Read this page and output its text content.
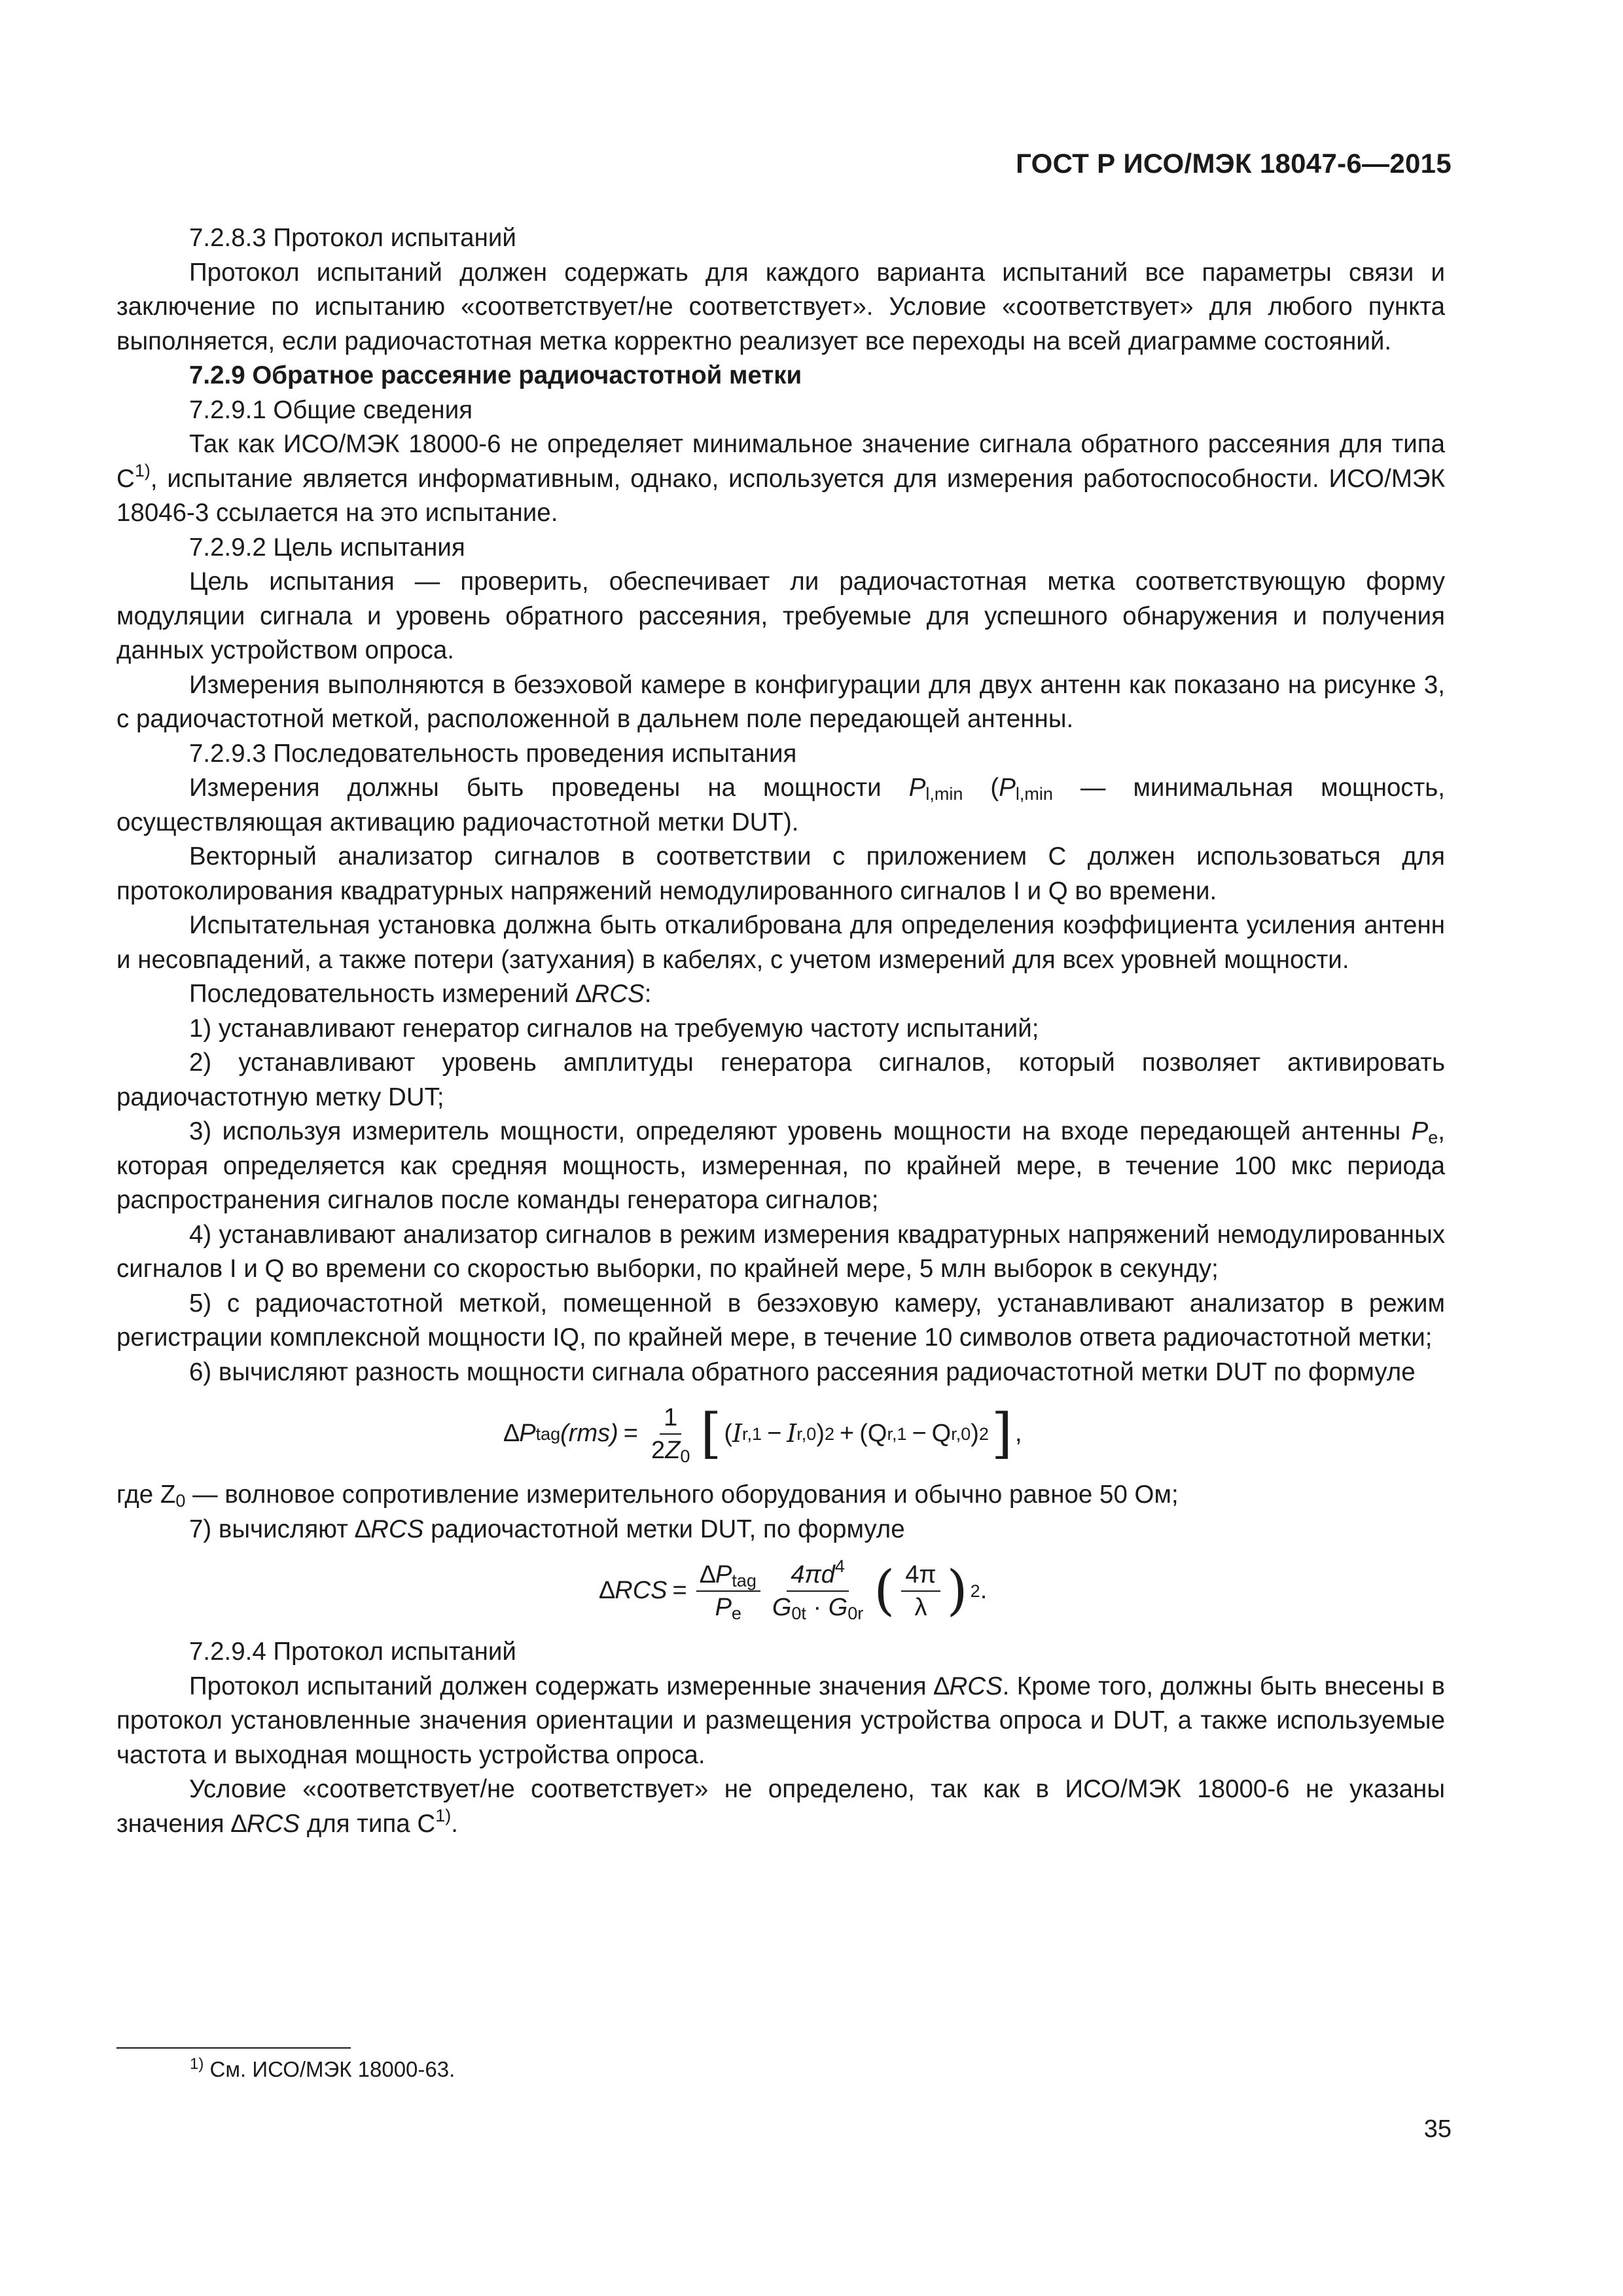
ГОСТ Р ИСО/МЭК 18047-6—2015

7.2.8.3 Протокол испытаний

Протокол испытаний должен содержать для каждого варианта испытаний все параметры связи и заключение по испытанию «соответствует/не соответствует». Условие «соответствует» для любого пункта выполняется, если радиочастотная метка корректно реализует все переходы на всей диаграмме состояний.

7.2.9 Обратное рассеяние радиочастотной метки

7.2.9.1 Общие сведения

Так как ИСО/МЭК 18000-6 не определяет минимальное значение сигнала обратного рассеяния для типа $С^{1)}$, испытание является информативным, однако, используется для измерения работоспособности. ИСО/МЭК 18046-3 ссылается на это испытание.

7.2.9.2 Цель испытания

Цель испытания — проверить, обеспечивает ли радиочастотная метка соответствующую форму модуляции сигнала и уровень обратного рассеяния, требуемые для успешного обнаружения и получения данных устройством опроса.

Измерения выполняются в безэховой камере в конфигурации для двух антенн как показано на рисунке 3, с радиочастотной меткой, расположенной в дальнем поле передающей антенны.

7.2.9.3 Последовательность проведения испытания

Измерения должны быть проведены на мощности $P_{l,min}$ ($P_{l,min}$ — минимальная мощность, осуществляющая активацию радиочастотной метки DUT).

Векторный анализатор сигналов в соответствии с приложением С должен использоваться для протоколирования квадратурных напряжений немодулированного сигналов I и Q во времени.

Испытательная установка должна быть откалибрована для определения коэффициента усиления антенн и несовпадений, а также потери (затухания) в кабелях, с учетом измерений для всех уровней мощности.

Последовательность измерений ∆RCS:

1) устанавливают генератор сигналов на требуемую частоту испытаний;

2) устанавливают уровень амплитуды генератора сигналов, который позволяет активировать радиочастотную метку DUT;

3) используя измеритель мощности, определяют уровень мощности на входе передающей антенны $P_e$, которая определяется как средняя мощность, измеренная, по крайней мере, в течение 100 мкс периода распространения сигналов после команды генератора сигналов;

4) устанавливают анализатор сигналов в режим измерения квадратурных напряжений немодулированных сигналов I и Q во времени со скоростью выборки, по крайней мере, 5 млн выборок в секунду;

5) с радиочастотной меткой, помещенной в безэховую камеру, устанавливают анализатор в режим регистрации комплексной мощности IQ, по крайней мере, в течение 10 символов ответа радиочастотной метки;

6) вычисляют разность мощности сигнала обратного рассеяния радиочастотной метки DUT по формуле

∆ P tag $(rms) = \frac{1}{2Z_0}$ [ ( I r,1 − I r,0 ) 2 + ( Q r,1 − Q r,0 ) 2 ] ,

где $Z_0$ — волновое сопротивление измерительного оборудования и обычно равное 50 Ом;

7) вычисляют ∆RCS радиочастотной метки DUT, по формуле

∆ RCS = $\frac{\Delta P_{tag}}{P_e} \frac{4\pi d^4}{G_{0t} \cdot G_{0r}}$ ( $\frac{4\pi}{\lambda}$ ) 2 .

7.2.9.4 Протокол испытаний

Протокол испытаний должен содержать измеренные значения ∆RCS. Кроме того, должны быть внесены в протокол установленные значения ориентации и размещения устройства опроса и DUT, а также используемые частота и выходная мощность устройства опроса.

Условие «соответствует/не соответствует» не определено, так как в ИСО/МЭК 18000-6 не указаны значения ∆RCS для типа $С^{1)}$.

$^{1)}$ См. ИСО/МЭК 18000-63.
35
